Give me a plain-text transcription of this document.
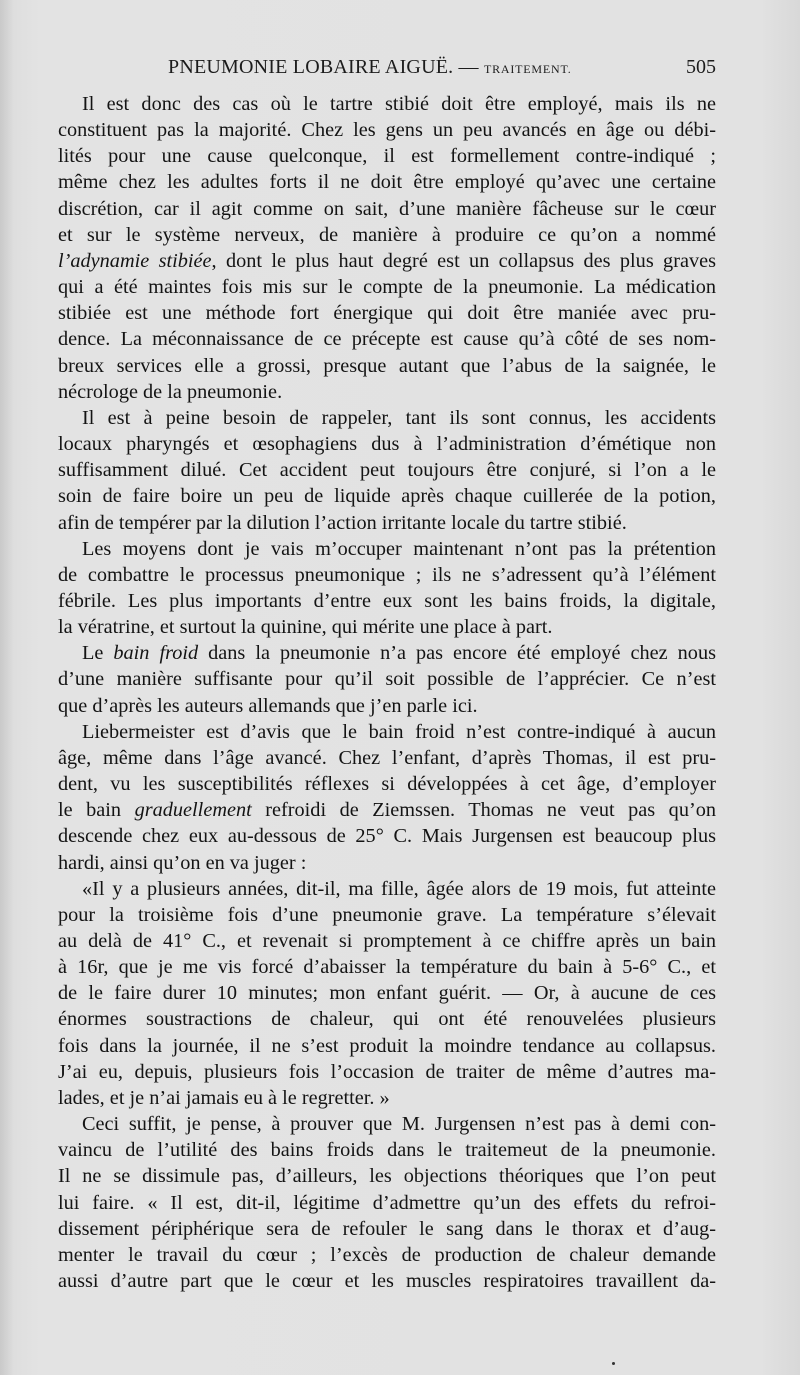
PNEUMONIE LOBAIRE AIGUË. — TRAITEMENT.	505
Il est donc des cas où le tartre stibié doit être employé, mais ils ne
constituent pas la majorité. Chez les gens un peu avancés en âge ou débi-
lités pour une cause quelconque, il est formellement contre-indiqué ;
même chez les adultes forts il ne doit être employé qu’avec une certaine
discrétion, car il agit comme on sait, d’une manière fâcheuse sur le cœur
et sur le système nerveux, de manière à produire ce qu’on a nommé
l’adynamie stibiée, dont le plus haut degré est un collapsus des plus graves
qui a été maintes fois mis sur le compte de la pneumonie. La médication
stibiée est une méthode fort énergique qui doit être maniée avec pru-
dence. La méconnaissance de ce précepte est cause qu’à côté de ses nom-
breux services elle a grossi, presque autant que l’abus de la saignée, le
nécrologe de la pneumonie.
Il est à peine besoin de rappeler, tant ils sont connus, les accidents
locaux pharyngés et œsophagiens dus à l’administration d’émétique non
suffisamment dilué. Cet accident peut toujours être conjuré, si l’on a le
soin de faire boire un peu de liquide après chaque cuillerée de la potion,
afin de tempérer par la dilution l’action irritante locale du tartre stibié.
Les moyens dont je vais m’occuper maintenant n’ont pas la prétention
de combattre le processus pneumonique ; ils ne s’adressent qu’à l’élément
fébrile. Les plus importants d’entre eux sont les bains froids, la digitale,
la vératrine, et surtout la quinine, qui mérite une place à part.
Le bain froid dans la pneumonie n’a pas encore été employé chez nous
d’une manière suffisante pour qu’il soit possible de l’apprécier. Ce n’est
que d’après les auteurs allemands que j’en parle ici.
Liebermeister est d’avis que le bain froid n’est contre-indiqué à aucun
âge, même dans l’âge avancé. Chez l’enfant, d’après Thomas, il est pru-
dent, vu les susceptibilités réflexes si développées à cet âge, d’employer
le bain graduellement refroidi de Ziemssen. Thomas ne veut pas qu’on
descende chez eux au-dessous de 25° C. Mais Jurgensen est beaucoup plus
hardi, ainsi qu’on en va juger :
«Il y a plusieurs années, dit-il, ma fille, âgée alors de 19 mois, fut atteinte
pour la troisième fois d’une pneumonie grave. La température s’élevait
au delà de 41° C., et revenait si promptement à ce chiffre après un bain
à 16r, que je me vis forcé d’abaisser la température du bain à 5-6° C., et
de le faire durer 10 minutes; mon enfant guérit. — Or, à aucune de ces
énormes soustractions de chaleur, qui ont été renouvelées plusieurs
fois dans la journée, il ne s’est produit la moindre tendance au collapsus.
J’ai eu, depuis, plusieurs fois l’occasion de traiter de même d’autres ma-
lades, et je n’ai jamais eu à le regretter. »
Ceci suffit, je pense, à prouver que M. Jurgensen n’est pas à demi con-
vaincu de l’utilité des bains froids dans le traitemeut de la pneumonie.
Il ne se dissimule pas, d’ailleurs, les objections théoriques que l’on peut
lui faire. « Il est, dit-il, légitime d’admettre qu’un des effets du refroi-
dissement périphérique sera de refouler le sang dans le thorax et d’aug-
menter le travail du cœur ; l’excès de production de chaleur demande
aussi d’autre part que le cœur et les muscles respiratoires travaillent da-
